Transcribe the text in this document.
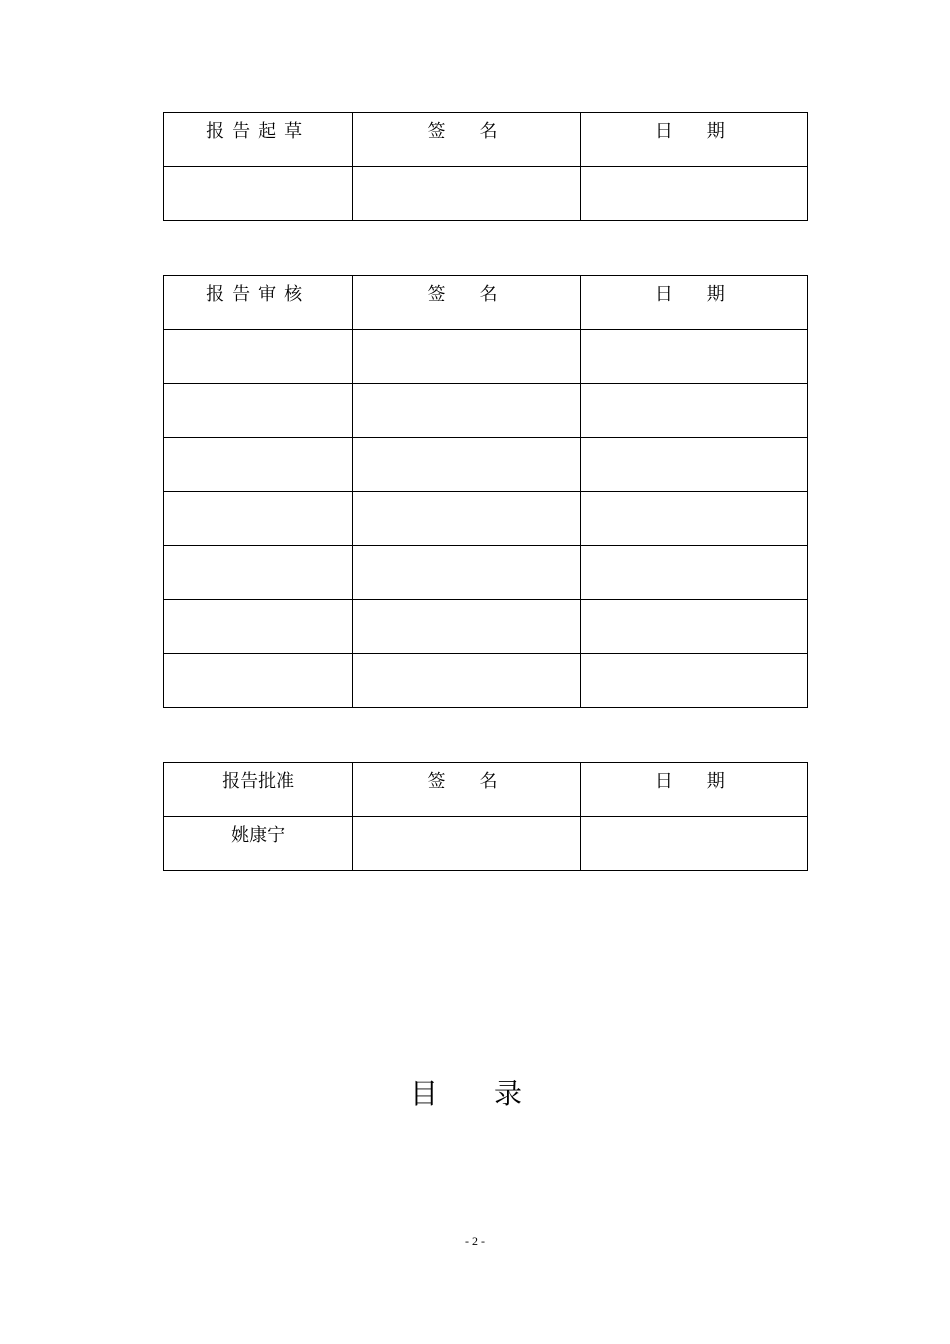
报告起草	签　名	日　期

报告审核	签　名	日　期

报告批准	签　名	日　期
姚康宁		
目录
- 2 -
